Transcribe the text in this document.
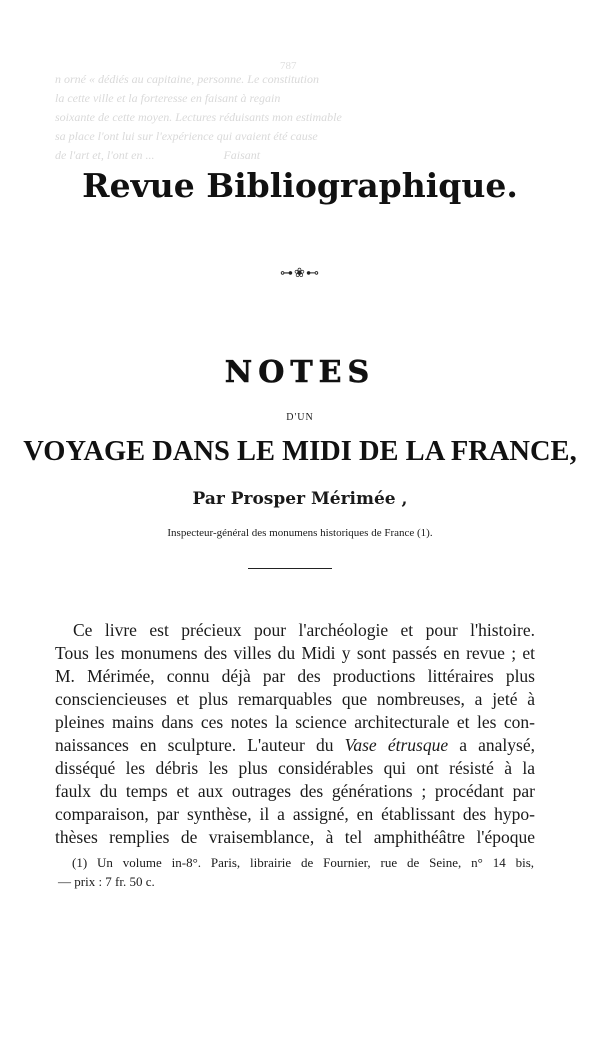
787
n orné « dédiés au capitaine, personne. Le constitution
la cette ville et la forteresse en faisant à regain
soixante de cette moyen. Lectures réduisants mon estimable
sa place l'ont lui sur l'expérience qui avaient été cause
de l'art et, l'ont en ...                       Faisant
Revue Bibliographique.
⊶❀⊷
NOTES
D'UN
VOYAGE DANS LE MIDI DE LA FRANCE,
Par Prosper Mérimée ,
Inspecteur-général des monumens historiques de France (1).
Ce livre est précieux pour l'archéologie et pour l'histoire.
Tous les monumens des villes du Midi y sont passés en revue ; et
M. Mérimée, connu déjà par des productions littéraires plus
consciencieuses et plus remarquables que nombreuses, a jeté à
pleines mains dans ces notes la science architecturale et les con-
naissances en sculpture. L'auteur du Vase étrusque a analysé,
disséqué les débris les plus considérables qui ont résisté à la
faulx du temps et aux outrages des générations ; procédant par
comparaison, par synthèse, il a assigné, en établissant des hypo-
thèses remplies de vraisemblance, à tel amphithéâtre l'époque
(1) Un volume in-8°. Paris, librairie de Fournier, rue de Seine, n° 14 bis,
— prix : 7 fr. 50 c.
